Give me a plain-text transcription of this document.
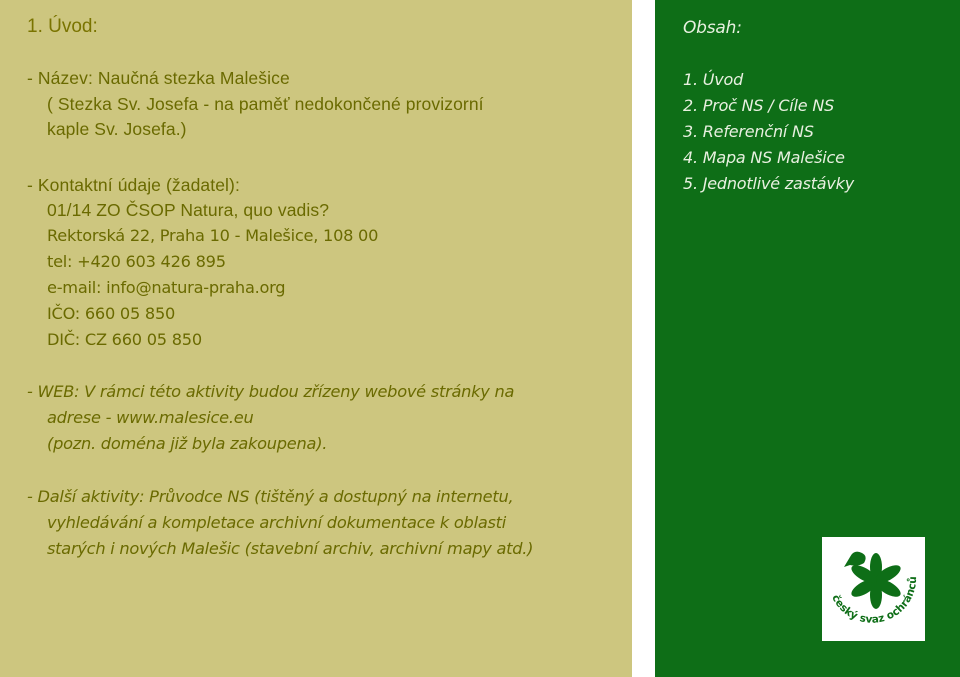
1. Úvod:
- Název: Naučná stezka Malešice
( Stezka Sv. Josefa - na paměť nedokončené provizorní
kaple Sv. Josefa.)
- Kontaktní údaje (žadatel):
01/14 ZO ČSOP Natura, quo vadis?
Rektorská 22, Praha 10 - Malešice, 108 00
tel: +420 603 426 895
e-mail: info@natura-praha.org
IČO: 660 05 850
DIČ: CZ 660 05 850
- WEB: V rámci této aktivity budou zřízeny webové stránky na
adrese - www.malesice.eu
(pozn. doména již byla zakoupena).
- Další aktivity: Průvodce NS (tištěný a dostupný na internetu,
vyhledávání a kompletace archivní dokumentace k oblasti
starých i nových Malešic (stavební archiv, archivní mapy atd.)
Obsah:
1. Úvod
2. Proč NS / Cíle NS
3. Referenční NS
4. Mapa NS Malešice
5. Jednotlivé zastávky
český svaz ochránců
